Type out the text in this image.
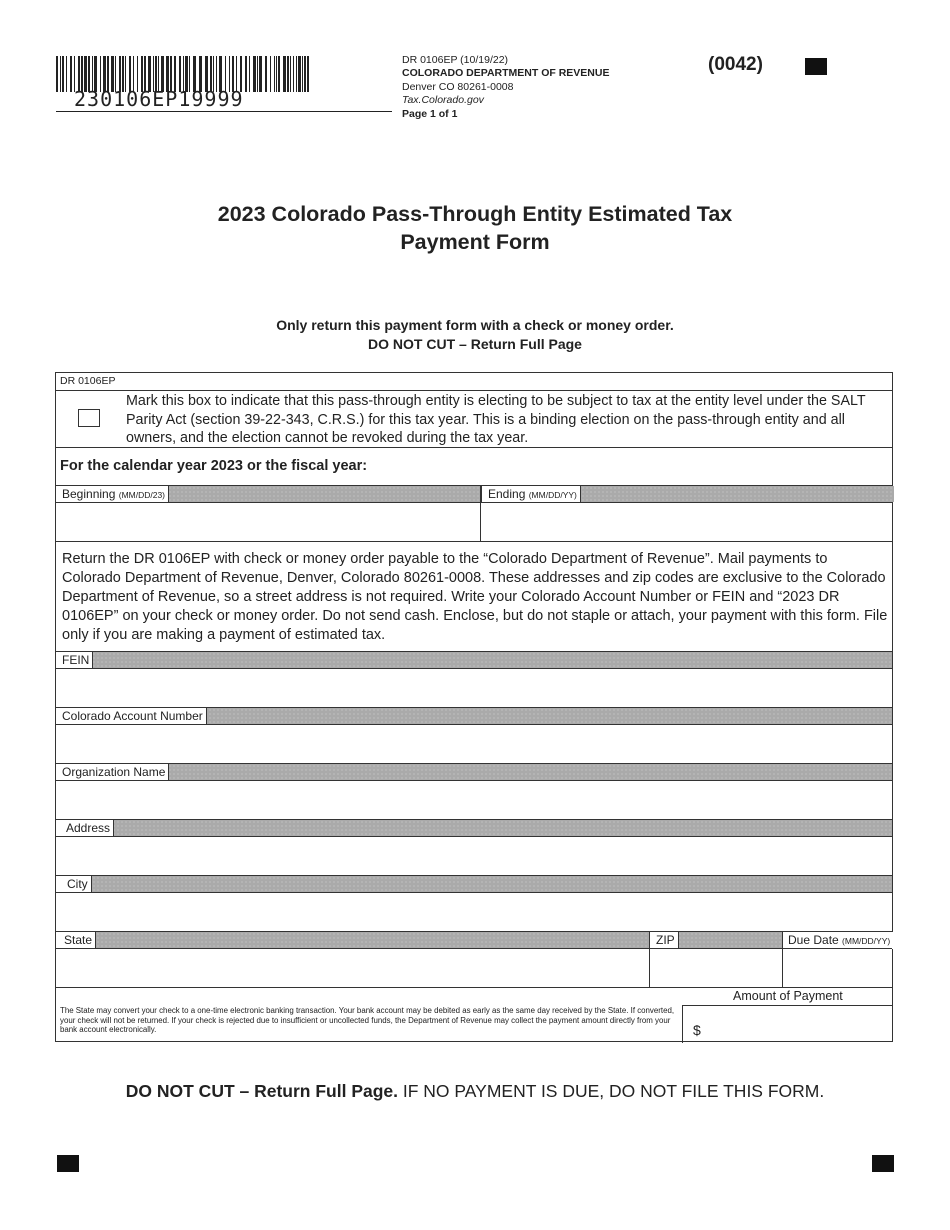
230106EP19999
DR 0106EP (10/19/22)
COLORADO DEPARTMENT OF REVENUE
Denver CO 80261-0008
Tax.Colorado.gov
Page 1 of 1
(0042)
2023 Colorado Pass-Through Entity Estimated Tax
Payment Form
Only return this payment form with a check or money order.
DO NOT CUT – Return Full Page
DR 0106EP
Mark this box to indicate that this pass-through entity is electing to be subject to tax at the entity level under the SALT Parity Act (section 39-22-343, C.R.S.) for this tax year. This is a binding election on the pass-through entity and all owners, and the election cannot be revoked during the tax year.
For the calendar year 2023 or the fiscal year:
Beginning (MM/DD/23)	Ending (MM/DD/YY)
Return the DR 0106EP with check or money order payable to the “Colorado Department of Revenue”. Mail payments to Colorado Department of Revenue, Denver, Colorado 80261-0008. These addresses and zip codes are exclusive to the Colorado Department of Revenue, so a street address is not required. Write your Colorado Account Number or FEIN and “2023 DR 0106EP” on your check or money order. Do not send cash. Enclose, but do not staple or attach, your payment with this form. File only if you are making a payment of estimated tax.
FEIN
Colorado Account Number
Organization Name
Address
City
State	ZIP	Due Date (MM/DD/YY)
Amount of Payment
$
The State may convert your check to a one-time electronic banking transaction. Your bank account may be debited as early as the same day received by the State. If converted, your check will not be returned. If your check is rejected due to insufficient or uncollected funds, the Department of Revenue may collect the payment amount directly from your bank account electronically.
DO NOT CUT – Return Full Page. IF NO PAYMENT IS DUE, DO NOT FILE THIS FORM.
